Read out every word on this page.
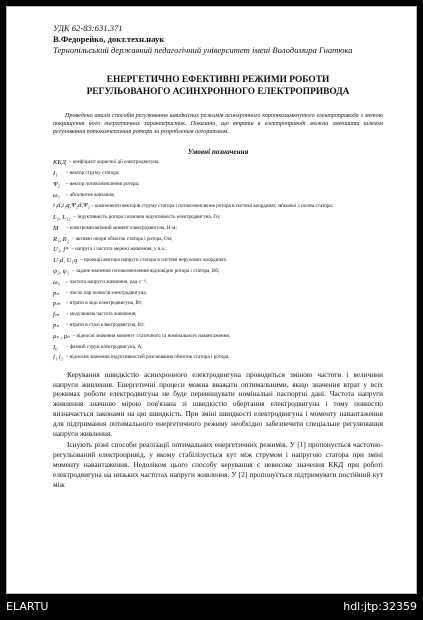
УДК 62-83:631.371
В.Федорейко, докт.техн.наук
Тернопільський державний педагогічний університет імені Володимира Гнатюка
ЕНЕРГЕТИЧНО ЕФЕКТИВНІ РЕЖИМИ РОБОТИ
РЕГУЛЬОВАНОГО АСИНХРОННОГО ЕЛЕКТРОПРИВОДА
Проведено аналіз способів регулювання швидкісних режимів асинхронного короткозамкнутого електропривода з метою покращення його енергетичних характеристик. Показано, що втрати в електроприводі можна зменшити шляхом регулювання потокозчеплення ротора за розробленим алгоритмом.
Умовні позначення
ККД – коефіцієнт корисної дії електродвигуна;
I₁	– вектор струму статора;
Ψ₂	– вектор потокозчеплення ротора;
ω₁	– абсолютне ковзання;
i₁d,i₁q,Ψ₂d,Ψ₂ – компоненти векторів струму статора і потокозчеплення ротора в системі координат, зв'язаної з полем статора;
L₂, L₁₂ – індуктивність ротора і взаємна індуктивність електродвигуна, Гн;
M	– електромеханічний момент електродвигуна, Н·м;
R₁, R₂ – активні опори обмоток статора і ротора, Ом;
U₁, f* – напруга і частота мережі живлення, у в.о.;
U₁d, U₁q – проекції вектора напруги статора в системі нерухомих координат;
ψ₂, ψ₁ – задане значення потокозчеплення відповідно ротора і статора, Вб;
ω₀	– частота напруги живлення, рад·с⁻¹;
pₙ	– число пар полюсів електродвигуна;
pₘ	– втрати в міді електродвигуна, Вт;
fₘ	– модулююча частота живлення;
pₛ	– втрати в сталі електродвигуна, Вт;
μₛ , μₙ – відносні значення моменту статичного та номінального навантаження;
I₀	– фазний струм електродвигуна, А;
l₁ l₂ – відносне значення індуктивностей розсіювання обмоток статора і ротора.
Керування швидкістю асинхронного електродвигуна проводиться зміною частоти і величини напруги живлення. Енергетичні процеси можна вважати оптимальними, якщо значення втрат у всіх режимах роботи електродвигуна не буде перевищувати номінальні паспортні дані. Частота напруги живлення значною мірою пов'язана зі швидкістю обертання електродвигуна і тому повністю визначається законами на цю швидкість. При зміні швидкості електродвигуна і моменту навантаження для підтримання оптимального енергетичного режиму необхідно забезпечити спеціальне регулювання напруги живлення.
Існують різні способи реалізації оптимальних енергетичних режимів. У [1] пропонується частотно-регульований електропривід, у якому стабілізується кут між струмом і напругою статора при зміні моменту навантаження. Недоліком цього способу керування є невисоке значення ККД при роботі електродвигуна на низьких частотах напруги живлення. У [2] пропонується підтримувати постійний кут між
ELARTU	hdl:jtp:32359
